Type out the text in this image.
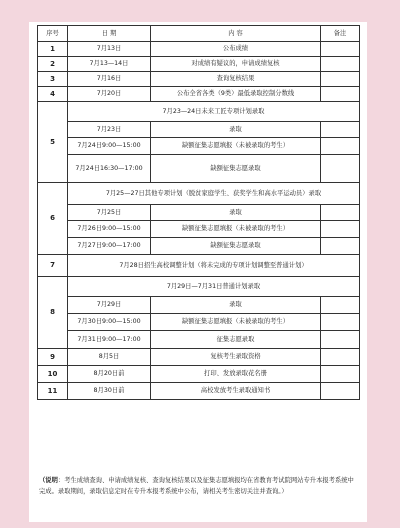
序号	日 期	内 容	备注
1	7月13日	公布成绩	
2	7月13—14日	对成绩有疑议的，申请成绩复核	
3	7月16日	查询复核结果	
4	7月20日	公布全省各类（9类）最低录取控制分数线	
5	7月23—24日未来工匠专项计划录取		
	7月23日	录取	
	7月24日9:00—15:00	缺额征集志愿填报（未被录取的考生）	
	7月24日16:30—17:00	缺额征集志愿录取	
6	7月25—27日其他专项计划（脱贫家庭学生、获奖学生和高水平运动员）录取		
	7月25日	录取	
	7月26日9:00—15:00	缺额征集志愿填报（未被录取的考生）	
	7月27日9:00—17:00	缺额征集志愿录取	
7	7月28日招生高校调整计划（将未完成的专项计划调整至普通计划）		
8	7月29日—7月31日普通计划录取		
	7月29日	录取	
	7月30日9:00—15:00	缺额征集志愿填报（未被录取的考生）	
	7月31日9:00—17:00	征集志愿录取	
9	8月5日	复核考生录取资格	
10	8月20日前	打印、发放录取花名册	
11	8月30日前	高校发放考生录取通知书	
（说明：考生成绩查询、申请成绩复核、查询复核结果以及征集志愿填报均在省教育考试院网站专升本报考系统中完成。录取期间，录取信息定时在专升本报考系统中公布，请相关考生密切关注并查询。）
